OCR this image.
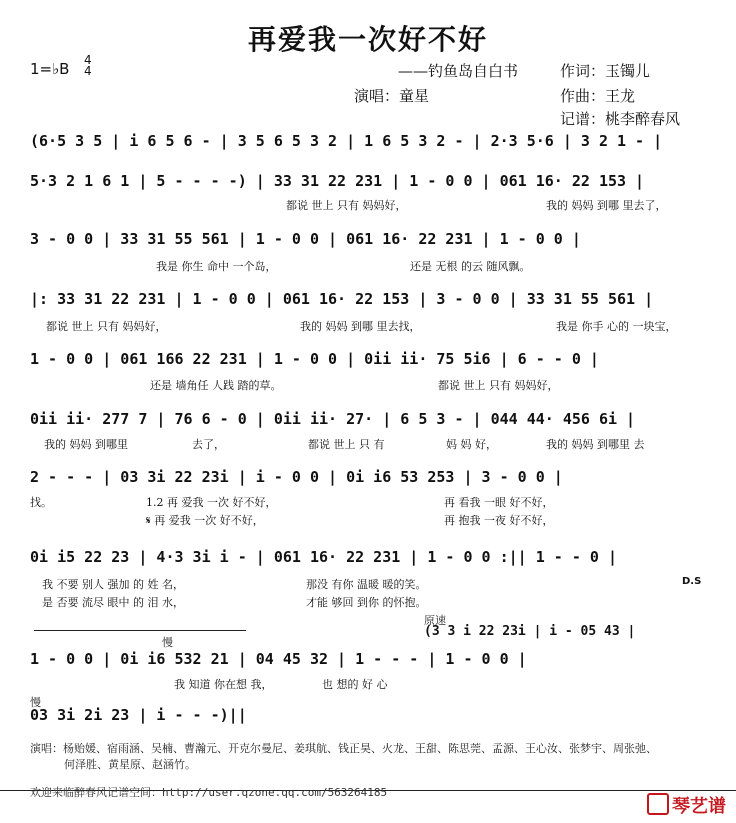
再爱我一次好不好
1=♭B 4
4	——钓鱼岛自白书	作词：玉镯儿
演唱：童星	作曲：王龙
记谱：桃李醉春风
(6·5 3 5 | i 6 5 6 - | 3 5 6 5 3 2 | 1 6 5 3 2 - | 2·3 5·6 | 3 2 1 - |
5·3 2 1 6 1 | 5 - - - -) | 33 31 22 231 | 1 - 0 0 | 061 16· 22 153 |
都说 世上 只有 妈妈好，	我的 妈妈 到哪 里去了，
3 - 0 0 | 33 31 55 561 | 1 - 0 0 | 061 16· 22 231 | 1 - 0 0 |
我是 你生 命中 一个岛，	还是 无根 的云 随风飘。
|: 33 31 22 231 | 1 - 0 0 | 061 16· 22 153 | 3 - 0 0 | 33 31 55 561 |
都说 世上 只有 妈妈好，	我的 妈妈 到哪 里去找，	我是 你手 心的 一块宝，
1 - 0 0 | 061 166 22 231 | 1 - 0 0 | 0ii ii· 75 5i6 | 6 - - 0 |
还是 墙角任 人践 踏的草。	都说 世上 只有 妈妈好，
0ii ii· 277 7 | 76 6 - 0 | 0ii ii· 27· | 6 5 3 - | 044 44· 456 6i |
我的 妈妈 到哪里	去了，	都说 世上 只 有	妈 妈 好，	我的 妈妈 到哪里 去
2 - - - | 03 3i 22 23i | i - 0 0 | 0i i6 53 253 | 3 - 0 0 |
找。	1.2 再 爱我 一次 好不好，	再 看我 一眼 好不好，
𝄋 再 爱我 一次 好不好，	再 抱我 一夜 好不好，
0i i5 22 23 | 4·3 3i i - | 061 16· 22 231 | 1 - 0 0 :|| 1 - - 0 |
我 不要 别人 强加 的 姓 名，	那没 有你 温暖 暖的笑。
是 否要 流尽 眼中 的 泪 水，	才能 够回 到你 的怀抱。
D.S
原速
(3 3 i 22 23i | i - 05 43 |
慢
1 - 0 0 | 0i i6 532 21 | 04 45 32 | 1 - - - | 1 - 0 0 |
我 知道 你在想 我，	也 想的 好 心
慢
03 3i 2i 23 | i - - -)||
演唱：杨贻媛、宿雨涵、吴楠、曹瀚元、开克尔曼尼、姜琪航、钱正昊、火龙、王甜、陈思莞、孟源、王心汝、张梦宇、周张弛、
何泽胜、黄星原、赵涵竹。
欢迎来临醉春风记谱空间：http://user.qzone.qq.com/563264185
琴艺谱
